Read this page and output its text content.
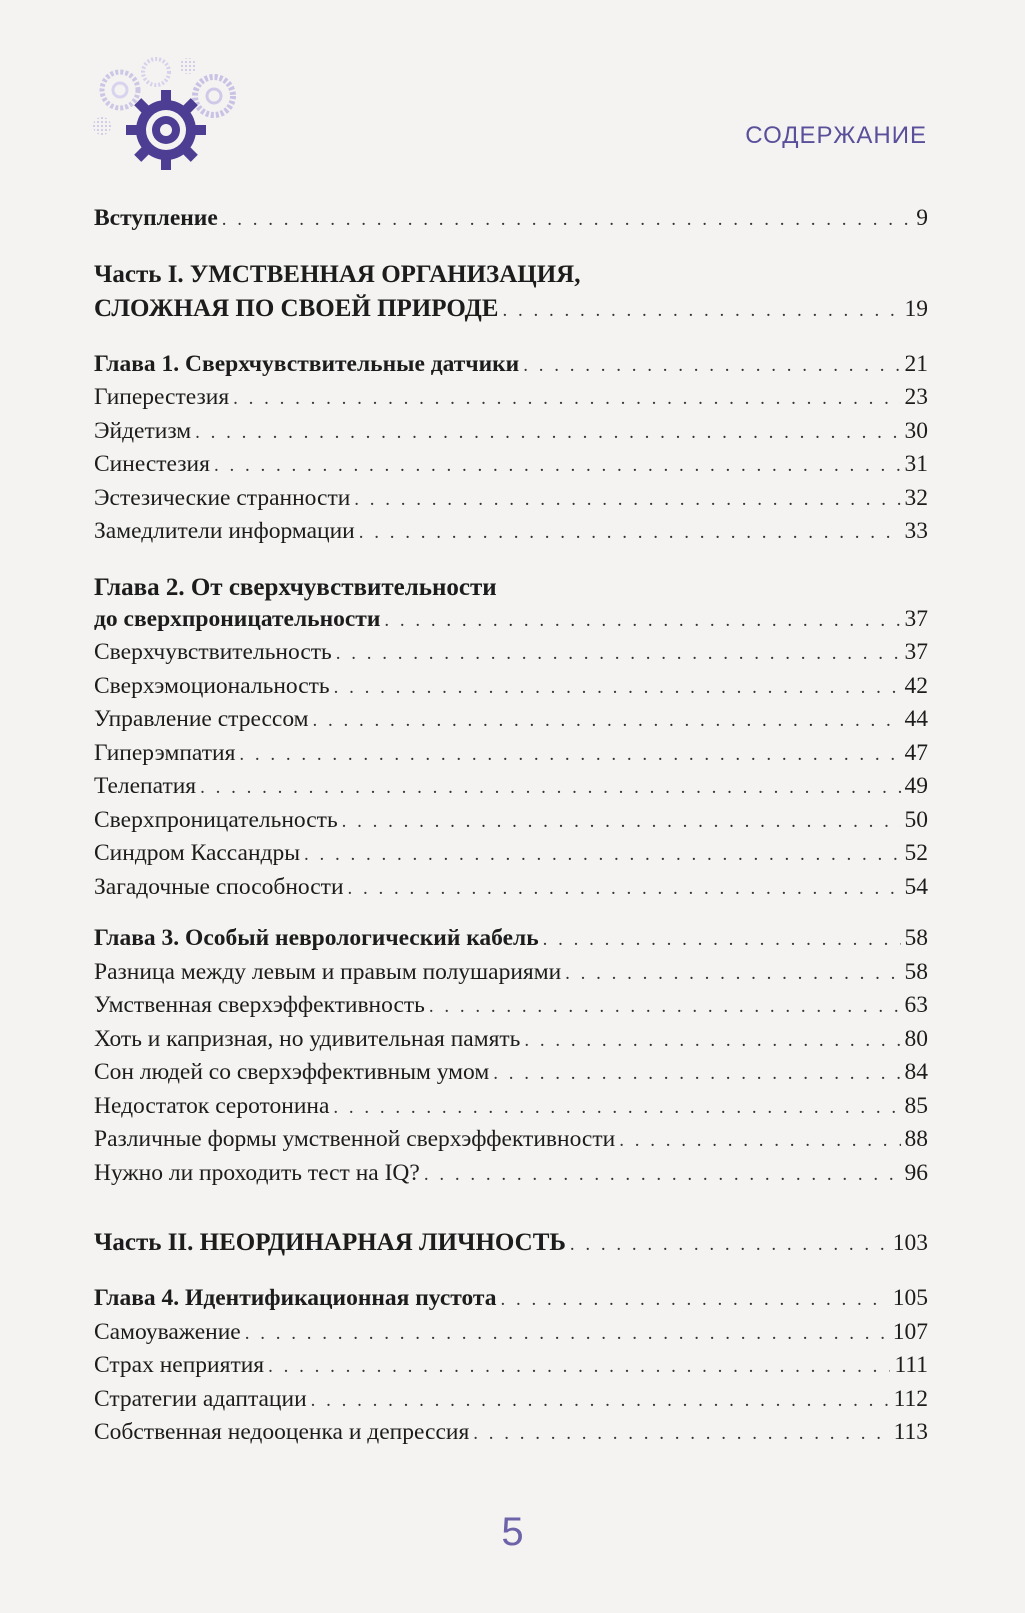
СОДЕРЖАНИЕ
Вступление . . .	9
Часть I. УМСТВЕННАЯ ОРГАНИЗАЦИЯ,
СЛОЖНАЯ ПО СВОЕЙ ПРИРОДЕ . . .	19
Глава 1. Сверхчувствительные датчики . . .	21
Гиперестезия . . .	23
Эйдетизм . . .	30
Синестезия . . .	31
Эстезические странности . . .	32
Замедлители информации . . .	33
Глава 2. От сверхчувствительности
до сверхпроницательности . . .	37
Сверхчувствительность . . .	37
Сверхэмоциональность . . .	42
Управление стрессом . . .	44
Гиперэмпатия . . .	47
Телепатия . . .	49
Сверхпроницательность . . .	50
Синдром Кассандры . . .	52
Загадочные способности . . .	54
Глава 3. Особый неврологический кабель . . .	58
Разница между левым и правым полушариями . . .	58
Умственная сверхэффективность . . .	63
Хоть и капризная, но удивительная память . . .	80
Сон людей со сверхэффективным умом . . .	84
Недостаток серотонина . . .	85
Различные формы умственной сверхэффективности . . .	88
Нужно ли проходить тест на IQ? . . .	96
Часть II. НЕОРДИНАРНАЯ ЛИЧНОСТЬ . . .	103
Глава 4. Идентификационная пустота . . .	105
Самоуважение . . .	107
Страх неприятия . . .	111
Стратегии адаптации . . .	112
Собственная недооценка и депрессия . . .	113
5
